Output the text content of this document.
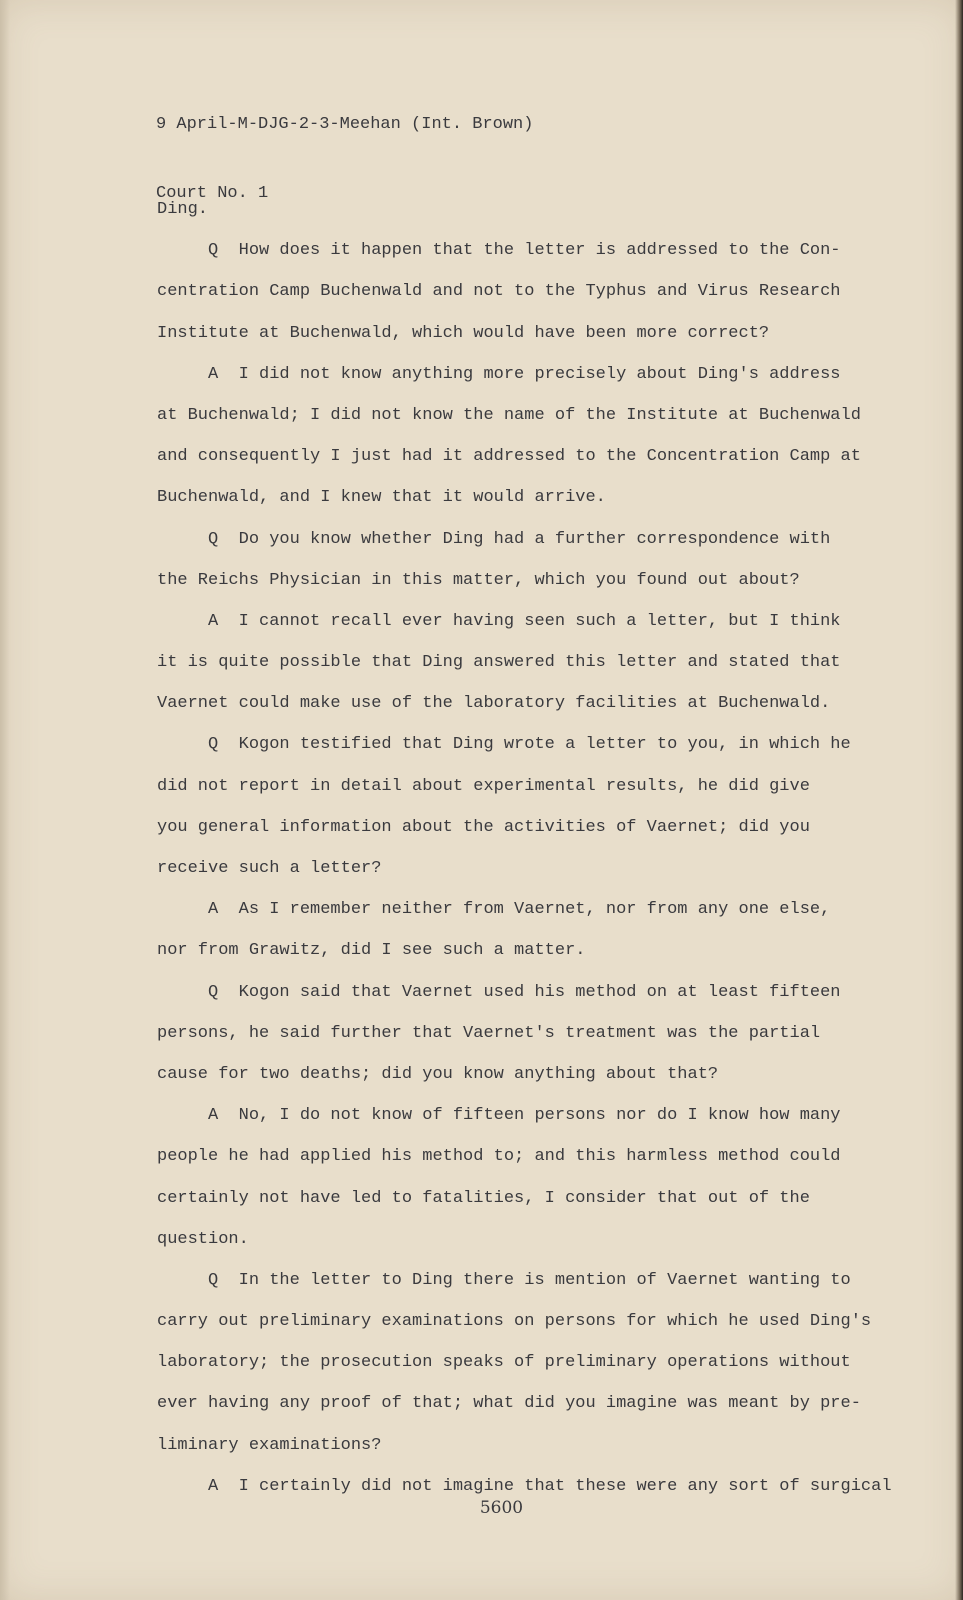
9 April-M-DJG-2-3-Meehan (Int. Brown)

Court No. 1

Ding.
Q  How does it happen that the letter is addressed to the Con-
centration Camp Buchenwald and not to the Typhus and Virus Research
Institute at Buchenwald, which would have been more correct?
A  I did not know anything more precisely about Ding's address
at Buchenwald; I did not know the name of the Institute at Buchenwald
and consequently I just had it addressed to the Concentration Camp at
Buchenwald, and I knew that it would arrive.
Q  Do you know whether Ding had a further correspondence with
the Reichs Physician in this matter, which you found out about?
A  I cannot recall ever having seen such a letter, but I think
it is quite possible that Ding answered this letter and stated that
Vaernet could make use of the laboratory facilities at Buchenwald.
Q  Kogon testified that Ding wrote a letter to you, in which he
did not report in detail about experimental results, he did give
you general information about the activities of Vaernet; did you
receive such a letter?
A  As I remember neither from Vaernet, nor from any one else,
nor from Grawitz, did I see such a matter.
Q  Kogon said that Vaernet used his method on at least fifteen
persons, he said further that Vaernet's treatment was the partial
cause for two deaths; did you know anything about that?
A  No, I do not know of fifteen persons nor do I know how many
people he had applied his method to; and this harmless method could
certainly not have led to fatalities, I consider that out of the
question.
Q  In the letter to Ding there is mention of Vaernet wanting to
carry out preliminary examinations on persons for which he used Ding's
laboratory; the prosecution speaks of preliminary operations without
ever having any proof of that; what did you imagine was meant by pre-
liminary examinations?
A  I certainly did not imagine that these were any sort of surgical
5600
